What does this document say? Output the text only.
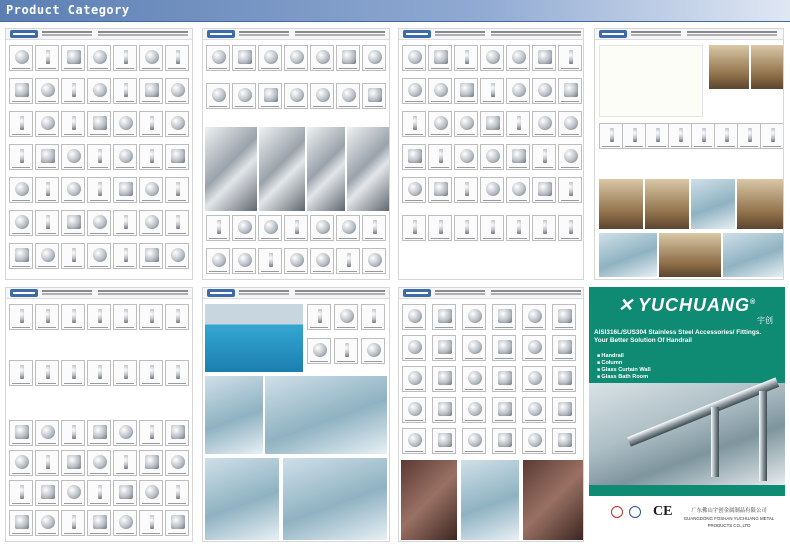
Product Category
✕ YUCHUANG®
宇创
AISI316L/SUS304 Stainless Steel Accessories/ Fittings.
Your Better Solution Of Handrail
■ Handrail
■ Column
■ Glass Curtain Wall
■ Glass Bath Room
CE	广东佛山宇创金属制品有限公司
GUANGDONG FOSHAN YUCHUANG METAL PRODUCTS CO.,LTD
